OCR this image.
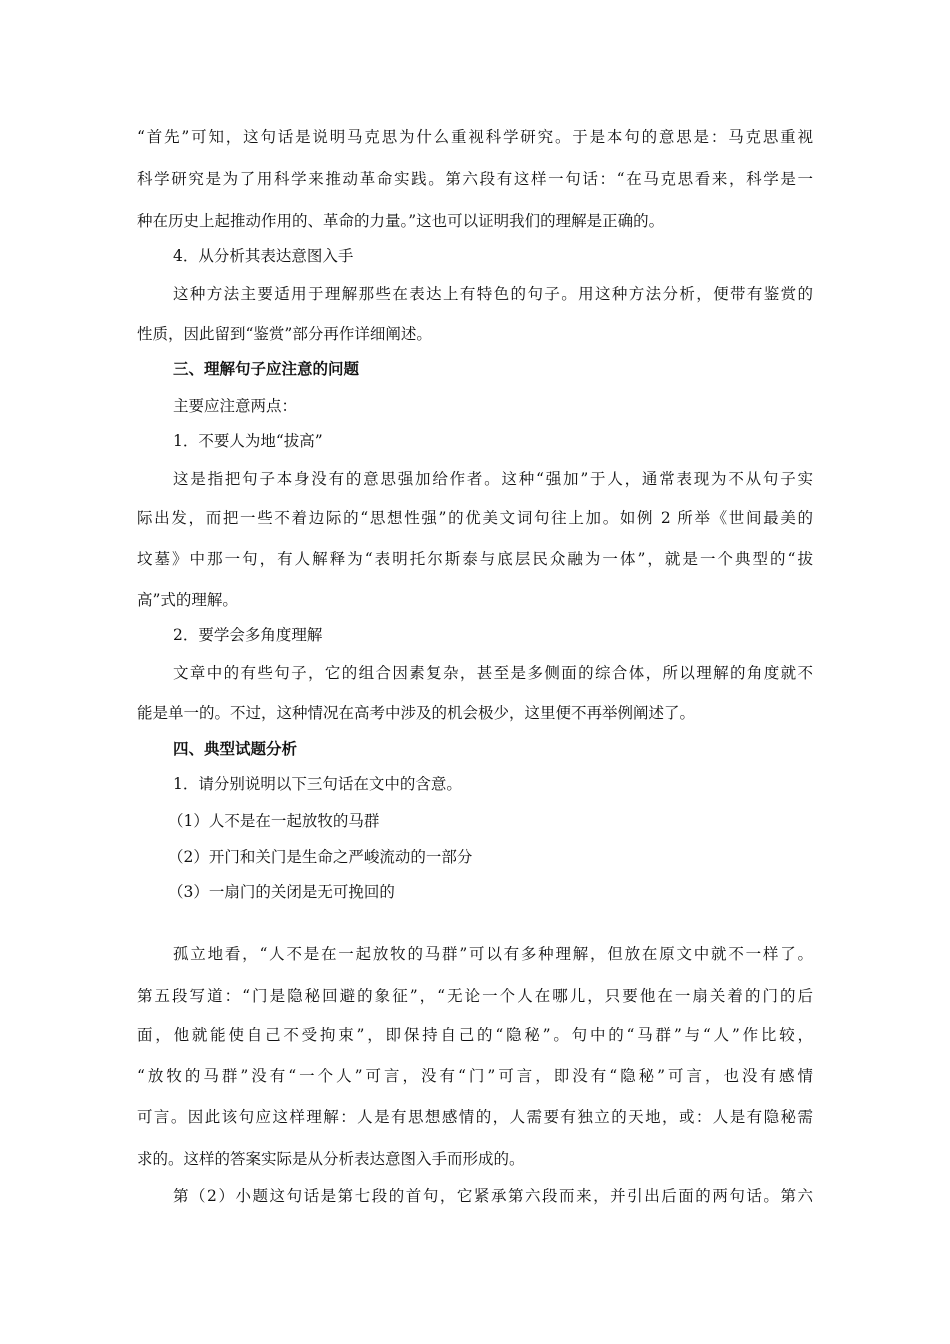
“首先”可知，这句话是说明马克思为什么重视科学研究。于是本句的意思是：马克思重视
科学研究是为了用科学来推动革命实践。第六段有这样一句话：“在马克思看来，科学是一
种在历史上起推动作用的、革命的力量。”这也可以证明我们的理解是正确的。
4．从分析其表达意图入手
这种方法主要适用于理解那些在表达上有特色的句子。用这种方法分析，便带有鉴赏的
性质，因此留到“鉴赏”部分再作详细阐述。
三、理解句子应注意的问题
主要应注意两点：
1．不要人为地“拔高”
这是指把句子本身没有的意思强加给作者。这种“强加”于人，通常表现为不从句子实
际出发，而把一些不着边际的“思想性强”的优美文词句往上加。如例 2 所举《世间最美的
坟墓》中那一句，有人解释为“表明托尔斯泰与底层民众融为一体”，就是一个典型的“拔
高”式的理解。
2．要学会多角度理解
文章中的有些句子，它的组合因素复杂，甚至是多侧面的综合体，所以理解的角度就不
能是单一的。不过，这种情况在高考中涉及的机会极少，这里便不再举例阐述了。
四、典型试题分析
1．请分别说明以下三句话在文中的含意。
（1）人不是在一起放牧的马群
（2）开门和关门是生命之严峻流动的一部分
（3）一扇门的关闭是无可挽回的
孤立地看，“人不是在一起放牧的马群”可以有多种理解，但放在原文中就不一样了。
第五段写道：“门是隐秘回避的象征”，“无论一个人在哪儿，只要他在一扇关着的门的后
面，他就能使自己不受拘束”，即保持自己的“隐秘”。句中的“马群”与“人”作比较，
“放牧的马群”没有“一个人”可言，没有“门”可言，即没有“隐秘”可言，也没有感情
可言。因此该句应这样理解：人是有思想感情的，人需要有独立的天地，或：人是有隐秘需
求的。这样的答案实际是从分析表达意图入手而形成的。
第（2）小题这句话是第七段的首句，它紧承第六段而来，并引出后面的两句话。第六
